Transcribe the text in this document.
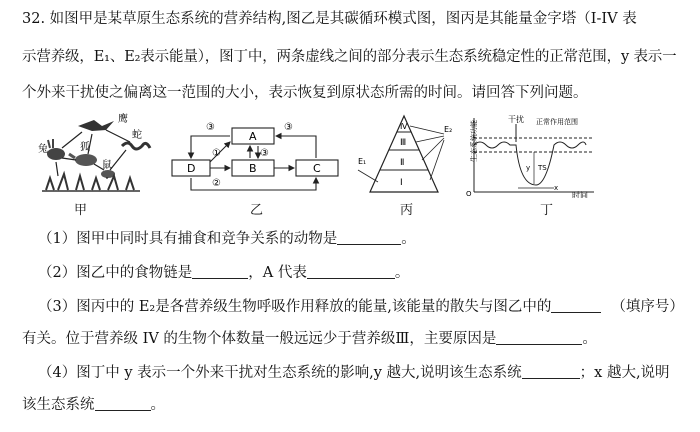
32. 如图甲是某草原生态系统的营养结构,图乙是其碳循环模式图，图丙是其能量金字塔（Ⅰ-IV 表
示营养级，E₁、E₂表示能量），图丁中，两条虚线之间的部分表示生态系统稳定性的正常范围，y 表示一
个外来干扰使之偏离这一范围的大小，表示恢复到原状态所需的时间。请回答下列问题。
鹰
兔	狐
蛇
鼠
甲
A
B	C
D
③
①	③
②
③
乙
Ⅳ
Ⅲ
Ⅱ
Ⅰ
E₁
E₂
丙
生态系统功能
时间
干扰 正常作用范围
y TS
x
O
丁
（1）图甲中同时具有捕食和竞争关系的动物是	。
（2）图乙中的食物链是	，A 代表	。
（3）图丙中的 E₂是各营养级生物呼吸作用释放的能量,该能量的散失与图乙中的	（填序号）
有关。位于营养级 IV 的生物个体数量一般远远少于营养级Ⅲ，主要原因是	。
（4）图丁中 y 表示一个外来干扰对生态系统的影响,y 越大,说明该生态系统	；x 越大,说明
该生态系统	。
